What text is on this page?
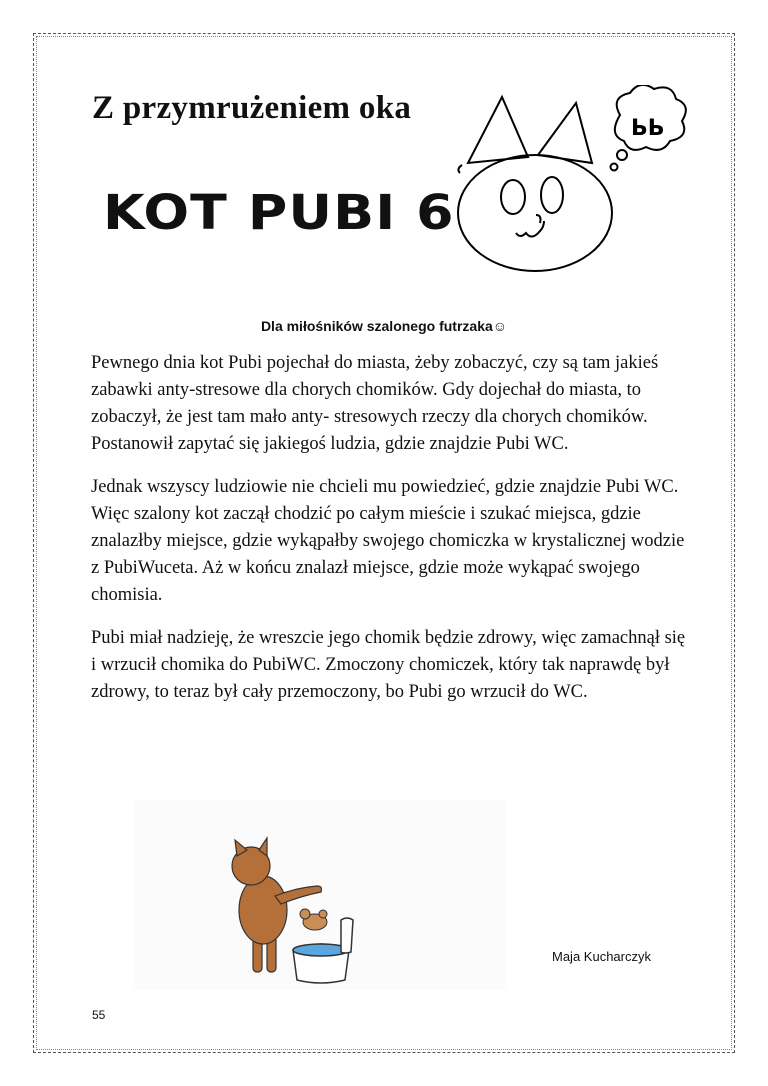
Z przymrużeniem oka
KOT PUBI 6
ЬЬ
Dla miłośników szalonego futrzaka☺

Pewnego dnia kot Pubi pojechał do miasta, żeby zobaczyć, czy są tam jakieś zabawki anty-stresowe dla chorych chomików. Gdy dojechał do miasta, to zobaczył, że jest tam mało anty- stresowych rzeczy dla chorych chomików. Postanowił zapytać się jakiegoś ludzia, gdzie znajdzie Pubi WC.

Jednak wszyscy ludziowie nie chcieli mu powiedzieć, gdzie znajdzie Pubi WC. Więc szalony kot zaczął chodzić po całym mieście i szukać miejsca, gdzie znalazłby miejsce, gdzie wykąpałby swojego chomiczka w krystalicznej wodzie z PubiWuceta. Aż w końcu znalazł miejsce, gdzie może wykąpać swojego chomisia.

Pubi miał nadzieję, że wreszcie jego chomik będzie zdrowy, więc zamachnął się i wrzucił chomika do PubiWC. Zmoczony chomiczek, który tak naprawdę był zdrowy, to teraz był cały przemoczony, bo Pubi go wrzucił do WC.

Maja Kucharczyk
55
